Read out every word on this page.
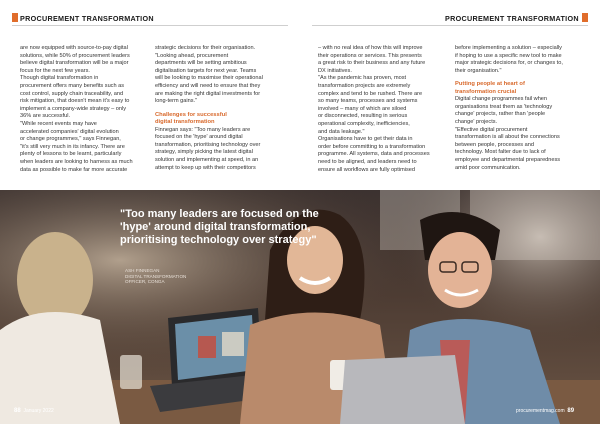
PROCUREMENT TRANSFORMATION	PROCUREMENT TRANSFORMATION

are now equipped with source-to-pay digital
solutions, while 50% of procurement leaders
believe digital transformation will be a major
focus for the next few years.

Though digital transformation in
procurement offers many benefits such as
cost control, supply chain traceability, and
risk mitigation, that doesn't mean it's easy to
implement a company-wide strategy – only
36% are successful.

"While recent events may have
accelerated companies' digital evolution
or change programmes," says Finnegan,
"it's still very much in its infancy. There are
plenty of lessons to be learnt, particularly
when leaders are looking to harness as much
data as possible to make far more accurate

strategic decisions for their organisation.

"Looking ahead, procurement
departments will be setting ambitious
digitalisation targets for next year. Teams
will be looking to maximise their operational
efficiency and will need to ensure that they
are making the right digital investments for
long-term gains."

Challenges for successful
digital transformation

Finnegan says: "Too many leaders are
focused on the 'hype' around digital
transformation, prioritising technology over
strategy, simply picking the latest digital
solution and implementing at speed, in an
attempt to keep up with their competitors

– with no real idea of how this will improve
their operations or services. This presents
a great risk to their business and any future
DX initiatives.

"As the pandemic has proven, most
transformation projects are extremely
complex and tend to be rushed. There are
so many teams, processes and systems
involved – many of which are siloed
or disconnected, resulting in serious
operational complexity, inefficiencies,
and data leakage."

Organisations have to get their data in
order before committing to a transformation
programme. All systems, data and processes
need to be aligned, and leaders need to
ensure all workflows are fully optimised

before implementing a solution – especially
if hoping to use a specific new tool to make
major strategic decisions for, or changes to,
their organisation."

Putting people at heart of
transformation crucial

Digital change programmes fail when
organisations treat them as 'technology
change' projects, rather than 'people
change' projects.

"Effective digital procurement
transformation is all about the connections
between people, processes and
technology. Most falter due to lack of
employee and departmental preparedness
amid poor communication.

"Too many leaders are focused on the 'hype' around digital transformation, prioritising technology over strategy"
ASH FINNEGAN
DIGITAL TRANSFORMATION
OFFICER, CONGA
88 January 2022	procurementmag.com 89
